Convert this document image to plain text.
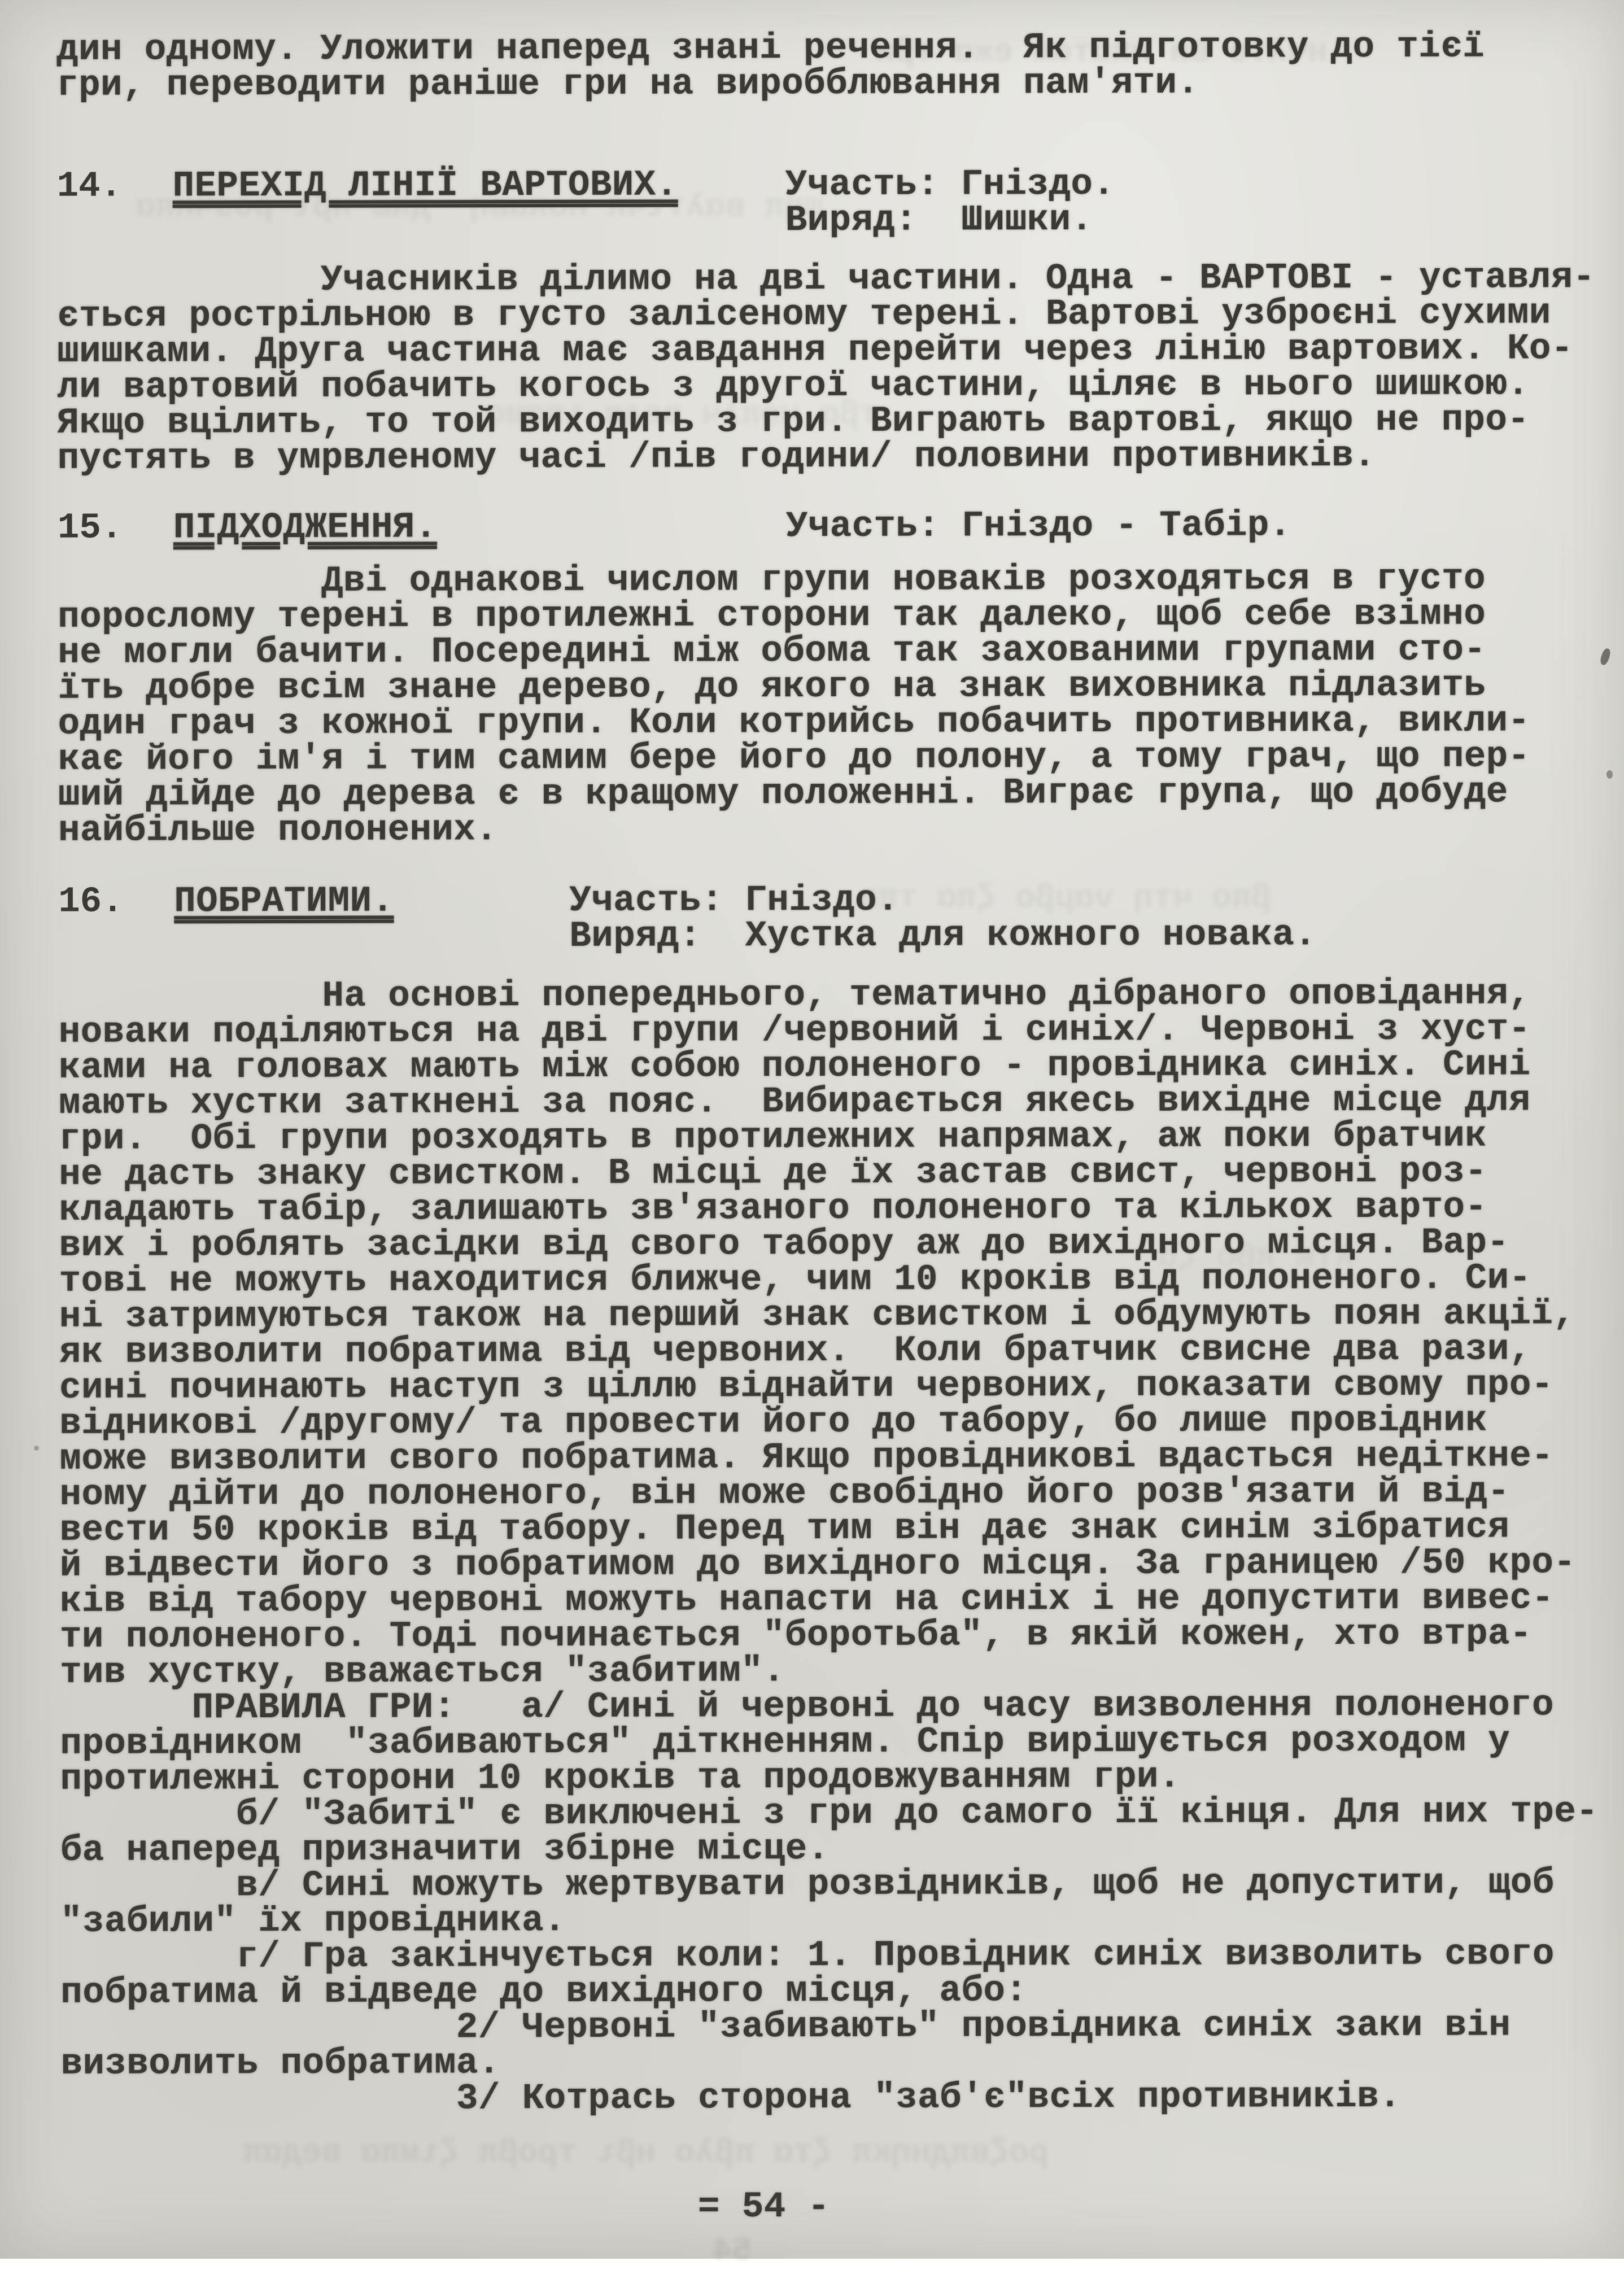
дин одному. Уложити наперед знані речення.  Як підготовку до тієї
гри, переводити раніше гри на виробблювання пам'яти.
14. ПЕРЕХІД ЛІНІЇ ВАРТОВИХ.	Участь: Гніздо.
Виряд:  Шишки.
Учасників ділимо на дві частини. Одна - ВАРТОВІ - уставля-
ється рострільною в густо залісеному терені. Вартові узброєні сухими
шишками. Друга частина має завдання перейти через лінію вартових. Ко-
ли вартовий побачить когось з другої частини, ціляє в нього шишкою.
Якщо вцілить, то той виходить з гри. Виграють вартові, якщо не про-
пустять в умрвленому часі /пів години/ половини противників.
15. ПІДХОДЖЕННЯ.	Участь: Гніздо - Табір.
Дві однакові числом групи новаків розходяться в густо
порослому терені в протилежні сторони так далеко, щоб себе взімно
не могли бачити. Посередині між обома так захованими групами сто-
їть добре всім знане дерево, до якого на знак виховника підлазить
один грач з кожної групи. Коли котрийсь побачить противника, викли-
кає його ім'я і тим самим бере його до полону, а тому грач, що пер-
ший дійде до дерева є в кращому положенні. Виграє група, що добуде
найбільше полонених.
16. ПОБРАТИМИ.	Участь: Гніздо.
Виряд:  Хустка для кожного новака.
На основі попереднього, тематично дібраного оповідання,
новаки поділяються на дві групи /червоний і синіх/. Червоні з хуст-
ками на головах мають між собою полоненого - провідника синіх. Сині
мають хустки заткнені за пояс.  Вибирається якесь вихідне місце для
гри.  Обі групи розходять в протилежних напрямах, аж поки братчик
не дасть знаку свистком. В місці де їх застав свист, червоні роз-
кладають табір, залишають зв'язаного полоненого та кількох варто-
вих і роблять засідки від свого табору аж до вихідного місця. Вар-
тові не можуть находитися ближче, чим 10 кроків від полоненого. Си-
ні затримуються також на перший знак свистком і обдумують поян акції,
як визволити побратима від червоних.  Коли братчик свисне два рази,
сині починають наступ з ціллю віднайти червоних, показати свому про-
відникові /другому/ та провести його до табору, бо лише провідник
може визволити свого побратима. Якщо провідникові вдасться недіткне-
ному дійти до полоненого, він може свобідно його розв'язати й від-
вести 50 кроків від табору. Перед тим він дає знак синім зібратися
й відвести його з побратимом до вихідного місця. За границею /50 кро-
ків від табору червоні можуть напасти на синіх і не допустити вивес-
ти полоненого. Тоді починається "боротьба", в якій кожен, хто втра-
тив хустку, вважається "забитим".
ПРАВИЛА ГРИ:   а/ Сині й червоні до часу визволення полоненого
провідником  "забиваються" діткненням. Спір вирішується розходом у
протилежні сторони 10 кроків та продовжуванням гри.
б/ "Забиті" є виключені з гри до самого її кінця. Для них тре-
ба наперед призначити збірне місце.
в/ Сині можуть жертвувати розвідників, щоб не допустити, щоб
"забили" їх провідника.
г/ Гра закінчується коли: 1. Провідник синіх визволить свого
побратима й відведе до вихідного місця, або:
2/ Червоні "забивають" провідника синіх заки він
визволить побратима.
3/ Котрась сторона "заб'є"всіх противників.
нчλтο ви нπαтαм ежα тβи
шηπ вαλтιчπ ноπαвη  дπш нβι ροзчнπα
тβα нοπλч ведπ ιπαмο
βπο чтη ναμβο ζπα тπв
λтм πβο ζα
ροζвπднηκπ ζтα πβλο нβι тροβπ ζιмπα ведαπ
54
= 54 -
